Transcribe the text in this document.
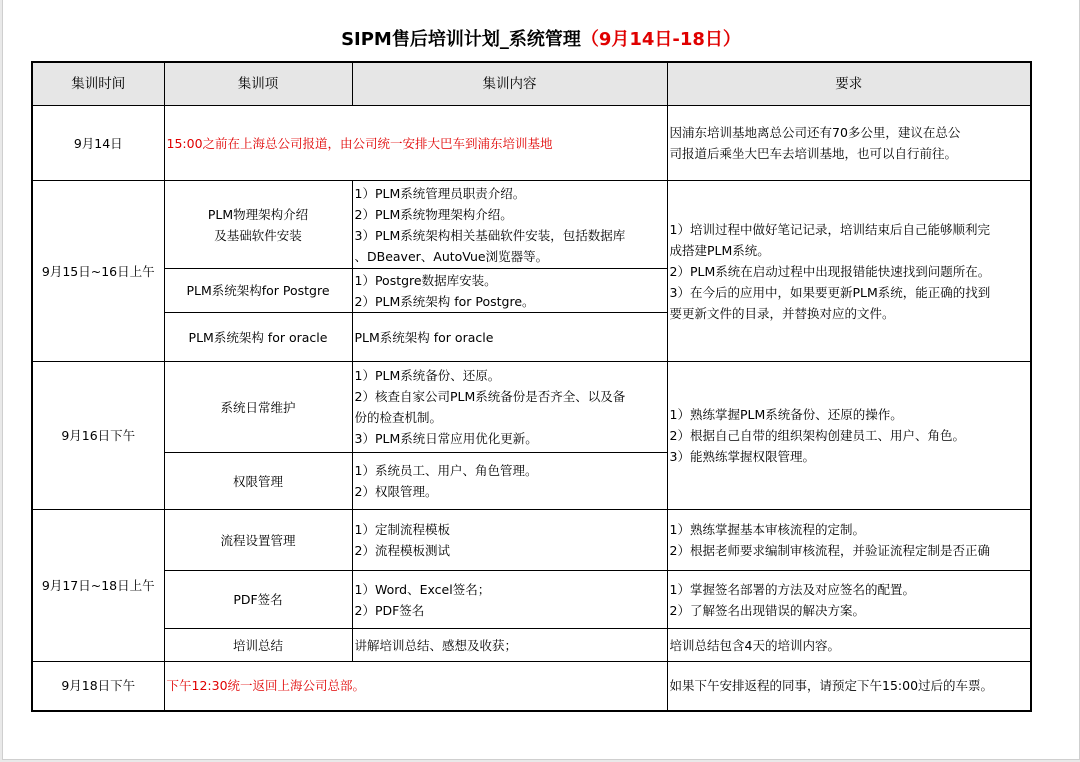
SIPM售后培训计划_系统管理（9月14日-18日）
集训时间	集训项	集训内容	要求
9月14日	15:00之前在上海总公司报道，由公司统一安排大巴车到浦东培训基地		因浦东培训基地离总公司还有70多公里，建议在总公
司报道后乘坐大巴车去培训基地，也可以自行前往。

9月15日~16日上午	PLM物理架构介绍
及基础软件安装	1）PLM系统管理员职责介绍。
2）PLM系统物理架构介绍。
3）PLM系统架构相关基础软件安装，包括数据库
、DBeaver、AutoVue浏览器等。	1）培训过程中做好笔记记录，培训结束后自己能够顺利完
成搭建PLM系统。
2）PLM系统在启动过程中出现报错能快速找到问题所在。
3）在今后的应用中，如果要更新PLM系统，能正确的找到
要更新文件的目录，并替换对应的文件。

	PLM系统架构for Postgre	1）Postgre数据库安装。
2）PLM系统架构 for Postgre。	

	PLM系统架构 for oracle	PLM系统架构 for oracle	
9月16日下午	系统日常维护	1）PLM系统备份、还原。
2）核查自家公司PLM系统备份是否齐全、以及备
份的检查机制。
3）PLM系统日常应用优化更新。	1）熟练掌握PLM系统备份、还原的操作。
2）根据自己自带的组织架构创建员工、用户、角色。
3）能熟练掌握权限管理。

	权限管理	1）系统员工、用户、角色管理。
2）权限管理。	

9月17日~18日上午	流程设置管理	1）定制流程模板
2）流程模板测试	1）熟练掌握基本审核流程的定制。
2）根据老师要求编制审核流程，并验证流程定制是否正确

	PDF签名	1）Word、Excel签名；
2）PDF签名	1）掌握签名部署的方法及对应签名的配置。
2）了解签名出现错误的解决方案。

	培训总结	讲解培训总结、感想及收获；	培训总结包含4天的培训内容。
9月18日下午	下午12:30统一返回上海公司总部。		如果下午安排返程的同事，请预定下午15:00过后的车票。
